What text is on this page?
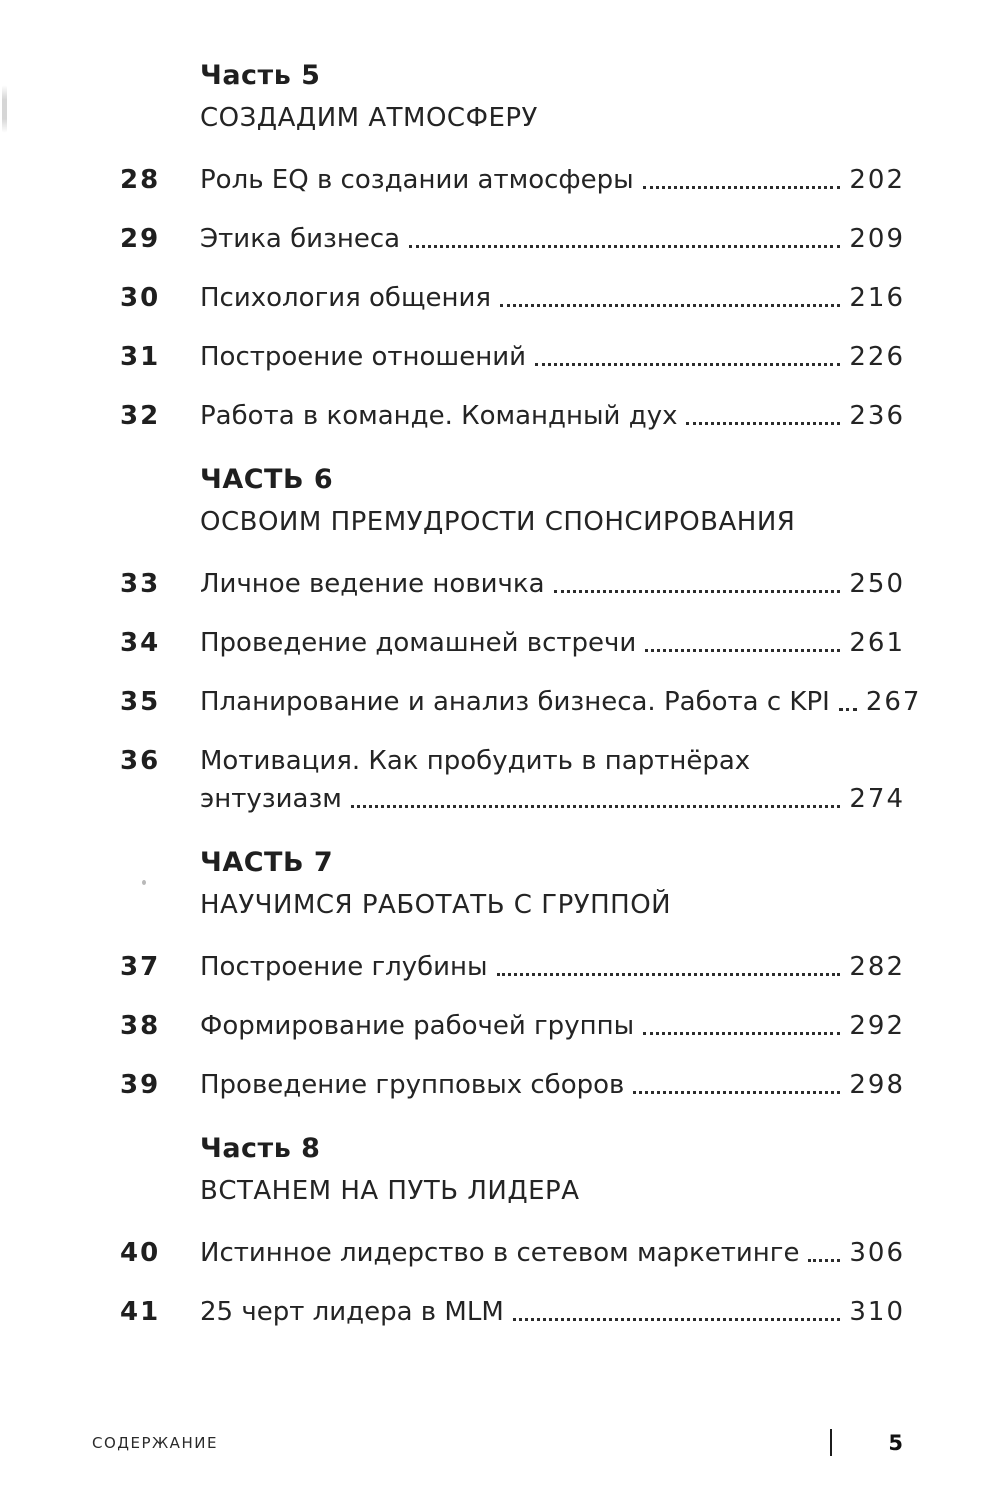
Часть 5
СОЗДАДИМ АТМОСФЕРУ
28	Роль EQ в создании атмосферы	202
29	Этика бизнеса	209
30	Психология общения	216
31	Построение отношений	226
32	Работа в команде. Командный дух	236
ЧАСТЬ 6
ОСВОИМ ПРЕМУДРОСТИ СПОНСИРОВАНИЯ
33	Личное ведение новичка	250
34	Проведение домашней встречи	261
35	Планирование и анализ бизнеса. Работа с KPI 267
36	Мотивация. Как пробудить в партнёрах
энтузиазм	274
ЧАСТЬ 7
НАУЧИМСЯ РАБОТАТЬ С ГРУППОЙ
37	Построение глубины	282
38	Формирование рабочей группы	292
39	Проведение групповых сборов	298
Часть 8
ВСТАНЕМ НА ПУТЬ ЛИДЕРА
40	Истинное лидерство в сетевом маркетинге 306
41	25 черт лидера в MLM	310
СОДЕРЖАНИЕ	5
